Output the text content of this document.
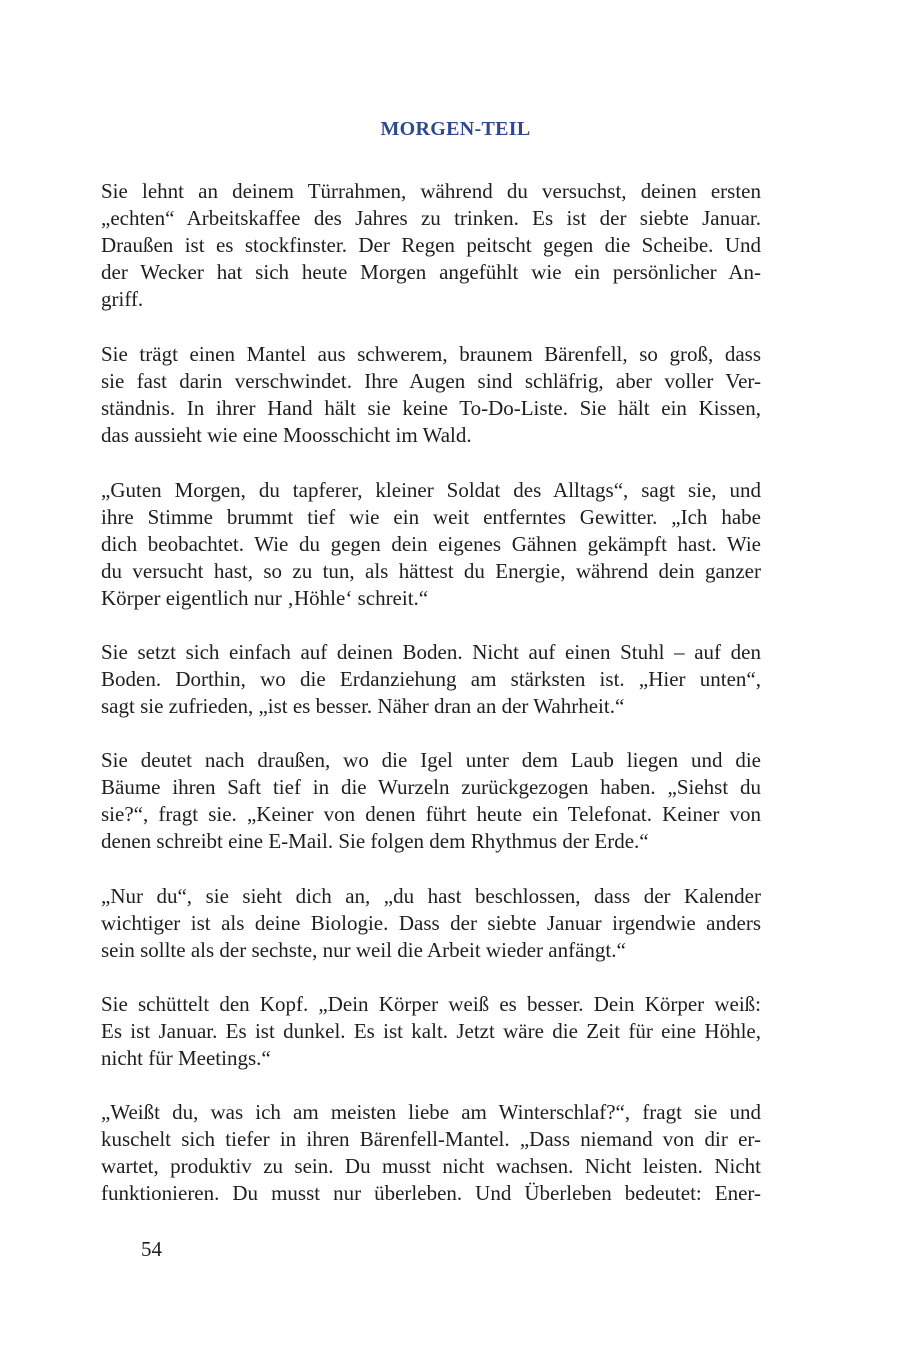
MORGEN-TEIL
Sie lehnt an deinem Türrahmen, während du versuchst, deinen ersten
„echten“ Arbeitskaffee des Jahres zu trinken. Es ist der siebte Januar.
Draußen ist es stockfinster. Der Regen peitscht gegen die Scheibe. Und
der Wecker hat sich heute Morgen angefühlt wie ein persönlicher An-
griff.
Sie trägt einen Mantel aus schwerem, braunem Bärenfell, so groß, dass
sie fast darin verschwindet. Ihre Augen sind schläfrig, aber voller Ver-
ständnis. In ihrer Hand hält sie keine To-Do-Liste. Sie hält ein Kissen,
das aussieht wie eine Moosschicht im Wald.
„Guten Morgen, du tapferer, kleiner Soldat des Alltags“, sagt sie, und
ihre Stimme brummt tief wie ein weit entferntes Gewitter. „Ich habe
dich beobachtet. Wie du gegen dein eigenes Gähnen gekämpft hast. Wie
du versucht hast, so zu tun, als hättest du Energie, während dein ganzer
Körper eigentlich nur ‚Höhle‘ schreit.“
Sie setzt sich einfach auf deinen Boden. Nicht auf einen Stuhl – auf den
Boden. Dorthin, wo die Erdanziehung am stärksten ist. „Hier unten“,
sagt sie zufrieden, „ist es besser. Näher dran an der Wahrheit.“
Sie deutet nach draußen, wo die Igel unter dem Laub liegen und die
Bäume ihren Saft tief in die Wurzeln zurückgezogen haben. „Siehst du
sie?“, fragt sie. „Keiner von denen führt heute ein Telefonat. Keiner von
denen schreibt eine E-Mail. Sie folgen dem Rhythmus der Erde.“
„Nur du“, sie sieht dich an, „du hast beschlossen, dass der Kalender
wichtiger ist als deine Biologie. Dass der siebte Januar irgendwie anders
sein sollte als der sechste, nur weil die Arbeit wieder anfängt.“
Sie schüttelt den Kopf. „Dein Körper weiß es besser. Dein Körper weiß:
Es ist Januar. Es ist dunkel. Es ist kalt. Jetzt wäre die Zeit für eine Höhle,
nicht für Meetings.“
„Weißt du, was ich am meisten liebe am Winterschlaf?“, fragt sie und
kuschelt sich tiefer in ihren Bärenfell-Mantel. „Dass niemand von dir er-
wartet, produktiv zu sein. Du musst nicht wachsen. Nicht leisten. Nicht
funktionieren. Du musst nur überleben. Und Überleben bedeutet: Ener-
54
